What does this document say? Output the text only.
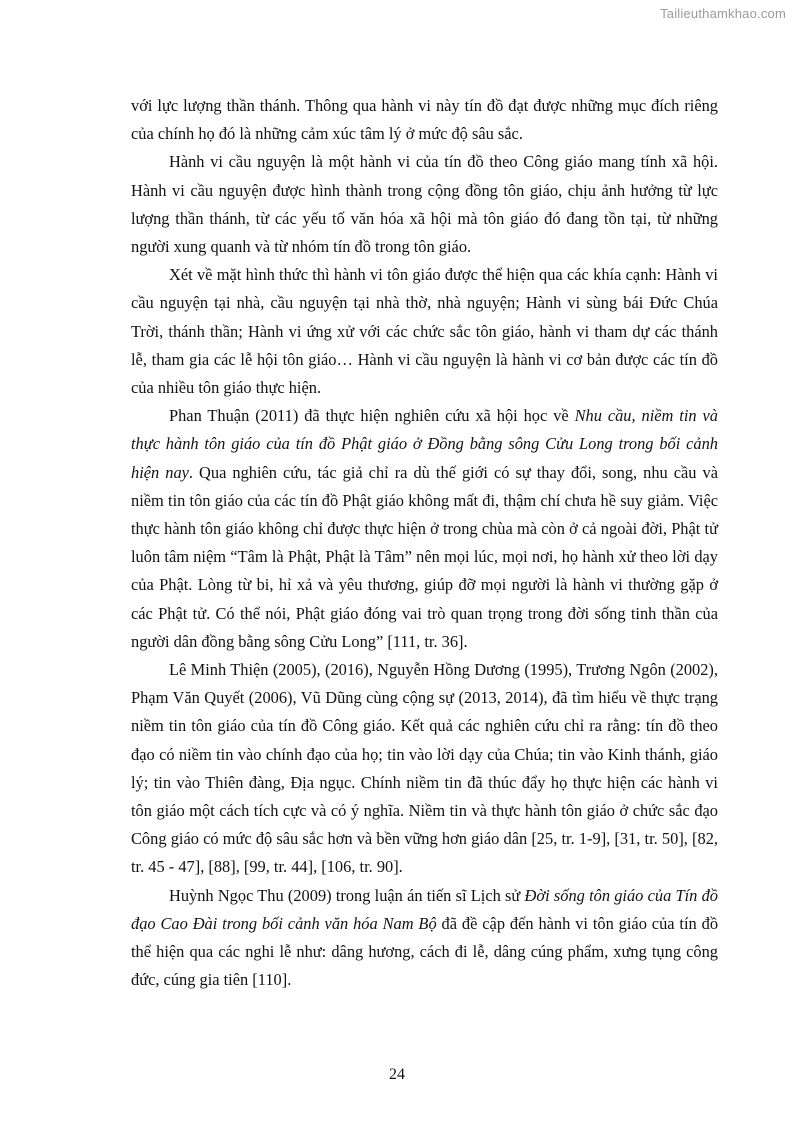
Tailieuthamkhao.com

với lực lượng thần thánh. Thông qua hành vi này tín đồ đạt được những mục đích riêng của chính họ đó là những cảm xúc tâm lý ở mức độ sâu sắc.

Hành vi cầu nguyện là một hành vi của tín đồ theo Công giáo mang tính xã hội. Hành vi cầu nguyện được hình thành trong cộng đồng tôn giáo, chịu ảnh hưởng từ lực lượng thần thánh, từ các yếu tố văn hóa xã hội mà tôn giáo đó đang tồn tại, từ những người xung quanh và từ nhóm tín đồ trong tôn giáo.

Xét về mặt hình thức thì hành vi tôn giáo được thể hiện qua các khía cạnh: Hành vi cầu nguyện tại nhà, cầu nguyện tại nhà thờ, nhà nguyện; Hành vi sùng bái Đức Chúa Trời, thánh thần; Hành vi ứng xử với các chức sắc tôn giáo, hành vi tham dự các thánh lễ, tham gia các lễ hội tôn giáo… Hành vi cầu nguyện là hành vi cơ bản được các tín đồ của nhiều tôn giáo thực hiện.

Phan Thuận (2011) đã thực hiện nghiên cứu xã hội học về Nhu cầu, niềm tin và thực hành tôn giáo của tín đồ Phật giáo ở Đồng bằng sông Cửu Long trong bối cảnh hiện nay. Qua nghiên cứu, tác giả chỉ ra dù thế giới có sự thay đổi, song, nhu cầu và niềm tin tôn giáo của các tín đồ Phật giáo không mất đi, thậm chí chưa hề suy giảm. Việc thực hành tôn giáo không chỉ được thực hiện ở trong chùa mà còn ở cả ngoài đời, Phật tử luôn tâm niệm “Tâm là Phật, Phật là Tâm” nên mọi lúc, mọi nơi, họ hành xử theo lời dạy của Phật. Lòng từ bi, hỉ xả và yêu thương, giúp đỡ mọi người là hành vi thường gặp ở các Phật tử. Có thể nói, Phật giáo đóng vai trò quan trọng trong đời sống tinh thần của người dân đồng bằng sông Cửu Long” [111, tr. 36].

Lê Minh Thiện (2005), (2016), Nguyễn Hồng Dương (1995), Trương Ngôn (2002), Phạm Văn Quyết (2006), Vũ Dũng cùng cộng sự (2013, 2014), đã tìm hiểu về thực trạng niềm tin tôn giáo của tín đồ Công giáo. Kết quả các nghiên cứu chỉ ra rằng: tín đồ theo đạo có niềm tin vào chính đạo của họ; tin vào lời dạy của Chúa; tin vào Kinh thánh, giáo lý; tin vào Thiên đàng, Địa ngục. Chính niềm tin đã thúc đẩy họ thực hiện các hành vi tôn giáo một cách tích cực và có ý nghĩa. Niềm tin và thực hành tôn giáo ở chức sắc đạo Công giáo có mức độ sâu sắc hơn và bền vững hơn giáo dân [25, tr. 1-9], [31, tr. 50], [82, tr. 45 - 47], [88], [99, tr. 44], [106, tr. 90].

Huỳnh Ngọc Thu (2009) trong luận án tiến sĩ Lịch sử Đời sống tôn giáo của Tín đồ đạo Cao Đài trong bối cảnh văn hóa Nam Bộ đã đề cập đến hành vi tôn giáo của tín đồ thể hiện qua các nghi lễ như: dâng hương, cách đi lễ, dâng cúng phẩm, xưng tụng công đức, cúng gia tiên [110].

24
